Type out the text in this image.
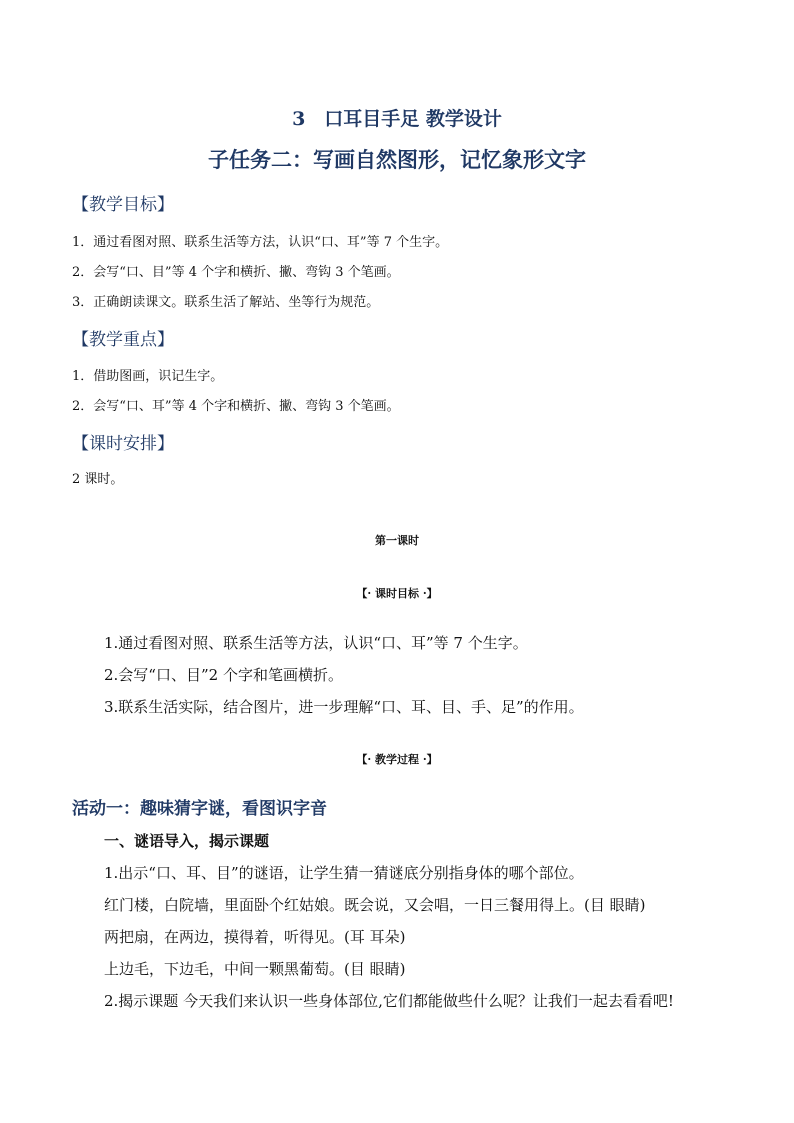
3　口耳目手足 教学设计
子任务二：写画自然图形，记忆象形文字
【教学目标】
1．通过看图对照、联系生活等方法，认识“口、耳”等 7 个生字。
2．会写“口、目”等 4 个字和横折、撇、弯钩 3 个笔画。
3．正确朗读课文。联系生活了解站、坐等行为规范。
【教学重点】
1．借助图画，识记生字。
2．会写“口、耳”等 4 个字和横折、撇、弯钩 3 个笔画。
【课时安排】
2 课时。
第一课时
【· 课时目标 ·】
1.通过看图对照、联系生活等方法，认识“口、耳”等 7 个生字。
2.会写“口、目”2 个字和笔画横折。
3.联系生活实际，结合图片，进一步理解“口、耳、目、手、足”的作用。
【· 教学过程 ·】
活动一：趣味猜字谜，看图识字音
一、谜语导入，揭示课题
1.出示“口、耳、目”的谜语，让学生猜一猜谜底分别指身体的哪个部位。
红门楼，白院墙，里面卧个红姑娘。既会说，又会唱，一日三餐用得上。(目 眼睛)
两把扇，在两边，摸得着，听得见。(耳 耳朵)
上边毛，下边毛，中间一颗黑葡萄。(目 眼睛)
2.揭示课题 今天我们来认识一些身体部位,它们都能做些什么呢？让我们一起去看看吧!
